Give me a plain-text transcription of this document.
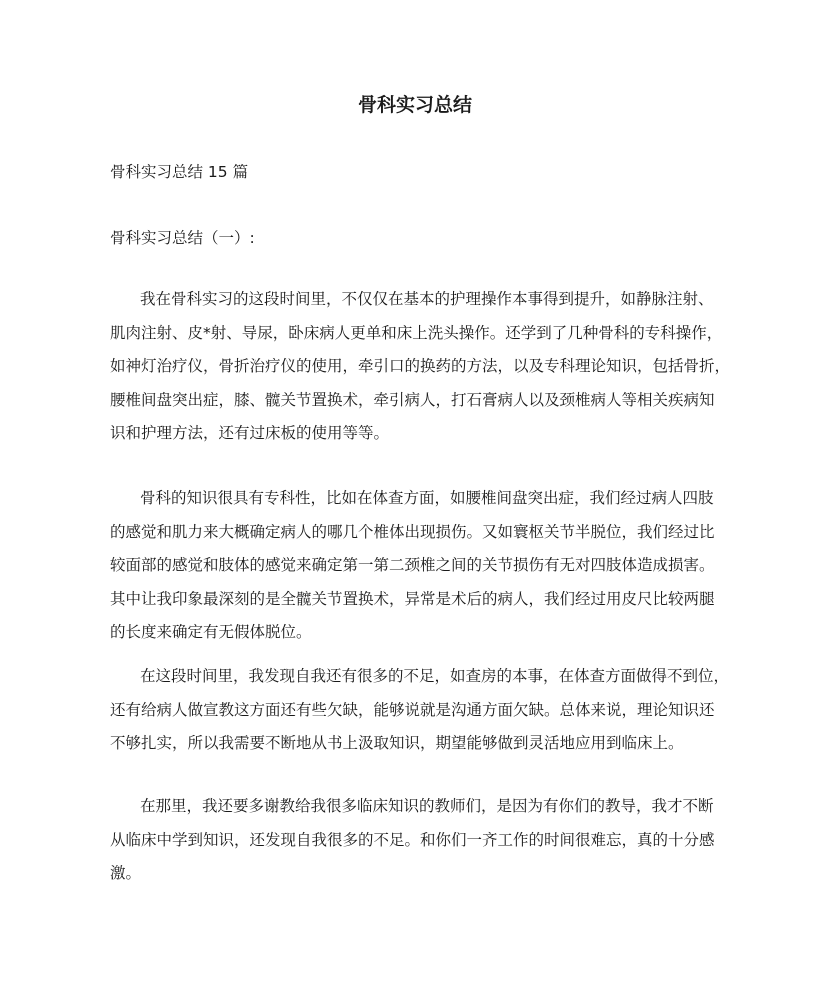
骨科实习总结
骨科实习总结 15 篇
骨科实习总结（一）:
我在骨科实习的这段时间里，不仅仅在基本的护理操作本事得到提升，如静脉注射、
肌肉注射、皮*射、导尿，卧床病人更单和床上洗头操作。还学到了几种骨科的专科操作，
如神灯治疗仪，骨折治疗仪的使用，牵引口的换药的方法，以及专科理论知识，包括骨折，
腰椎间盘突出症，膝、髋关节置换术，牵引病人，打石膏病人以及颈椎病人等相关疾病知
识和护理方法，还有过床板的使用等等。
骨科的知识很具有专科性，比如在体查方面，如腰椎间盘突出症，我们经过病人四肢
的感觉和肌力来大概确定病人的哪几个椎体出现损伤。又如寰枢关节半脱位，我们经过比
较面部的感觉和肢体的感觉来确定第一第二颈椎之间的关节损伤有无对四肢体造成损害。
其中让我印象最深刻的是全髋关节置换术，异常是术后的病人，我们经过用皮尺比较两腿
的长度来确定有无假体脱位。
在这段时间里，我发现自我还有很多的不足，如查房的本事，在体查方面做得不到位，
还有给病人做宣教这方面还有些欠缺，能够说就是沟通方面欠缺。总体来说，理论知识还
不够扎实，所以我需要不断地从书上汲取知识，期望能够做到灵活地应用到临床上。
在那里，我还要多谢教给我很多临床知识的教师们，是因为有你们的教导，我才不断
从临床中学到知识，还发现自我很多的不足。和你们一齐工作的时间很难忘，真的十分感
激。
